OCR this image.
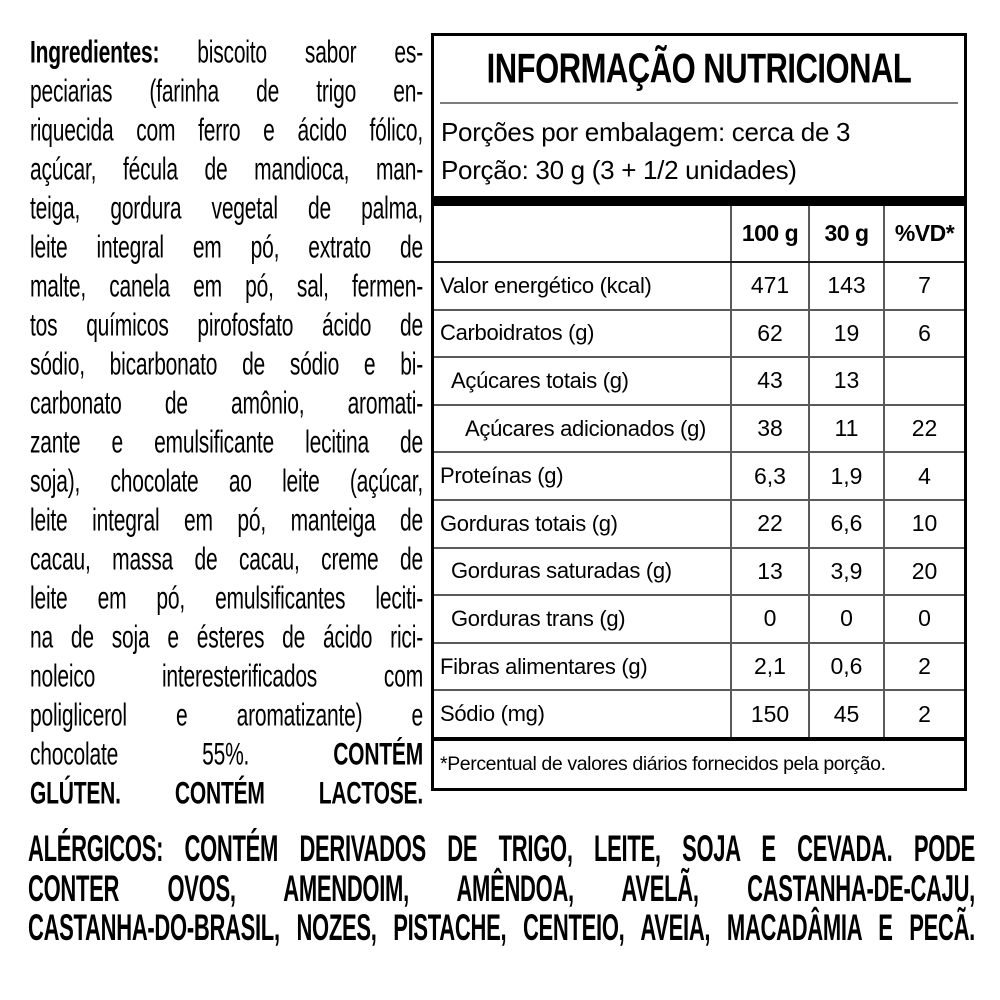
Ingredientes: biscoito sabor es-
peciarias (farinha de trigo en-
riquecida com ferro e ácido fólico,
açúcar, fécula de mandioca, man-
teiga, gordura vegetal de palma,
leite integral em pó, extrato de
malte, canela em pó, sal, fermen-
tos químicos pirofosfato ácido de
sódio, bicarbonato de sódio e bi-
carbonato de amônio, aromati-
zante e emulsificante lecitina de
soja), chocolate ao leite (açúcar,
leite integral em pó, manteiga de
cacau, massa de cacau, creme de
leite em pó, emulsificantes leciti-
na de soja e ésteres de ácido rici-
noleico interesterificados com
poliglicerol e aromatizante) e
chocolate 55%.	CONTÉM
GLÚTEN. CONTÉM LACTOSE.
INFORMAÇÃO NUTRICIONAL
Porções por embalagem: cerca de 3
Porção: 30 g (3 + 1/2 unidades)
100 g	30 g	%VD*
Valor energético (kcal)	471	143	7
Carboidratos (g)	62	19	6
Açúcares totais (g)	43	13
Açúcares adicionados (g)	38	11	22
Proteínas (g)	6,3	1,9	4
Gorduras totais (g)	22	6,6	10
Gorduras saturadas (g)	13	3,9	20
Gorduras trans (g)	0	0	0
Fibras alimentares (g)	2,1	0,6	2
Sódio (mg)	150	45	2
*Percentual de valores diários fornecidos pela porção.
ALÉRGICOS: CONTÉM DERIVADOS DE TRIGO, LEITE, SOJA E CEVADA. PODE
CONTER OVOS, AMENDOIM, AMÊNDOA, AVELÃ, CASTANHA-DE-CAJU,
CASTANHA-DO-BRASIL, NOZES, PISTACHE, CENTEIO, AVEIA, MACADÂMIA E PECÃ.
